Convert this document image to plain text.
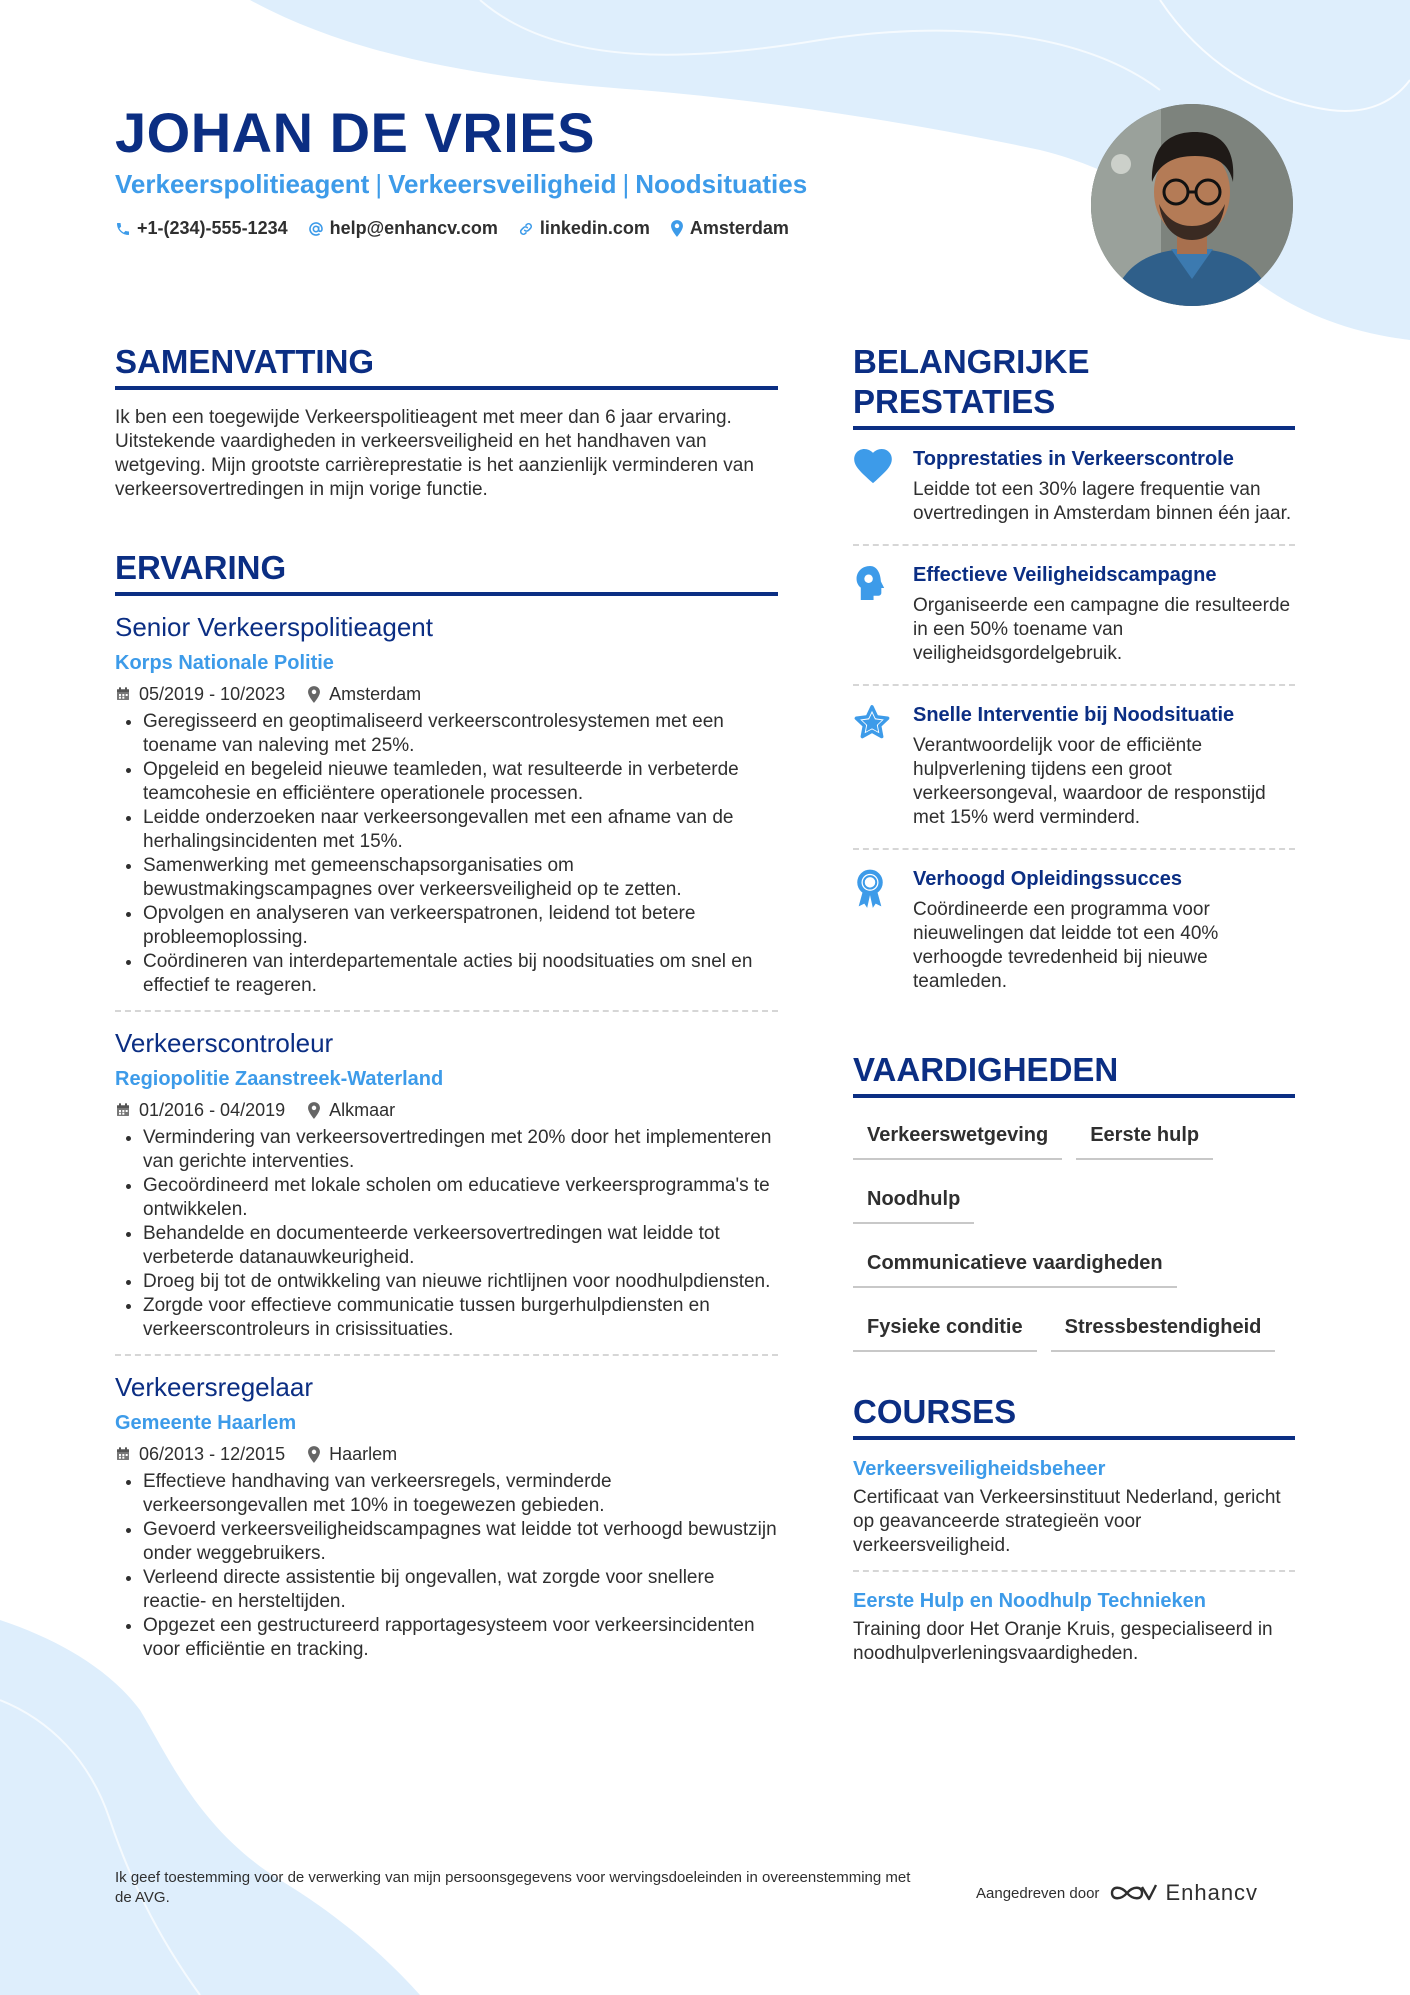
JOHAN DE VRIES

Verkeerspolitieagent | Verkeersveiligheid | Noodsituaties

+1-(234)-555-1234 help@enhancv.com linkedin.com Amsterdam
SAMENVATTING

Ik ben een toegewijde Verkeerspolitieagent met meer dan 6 jaar ervaring. Uitstekende vaardigheden in verkeersveiligheid en het handhaven van wetgeving. Mijn grootste carrièreprestatie is het aanzienlijk verminderen van verkeersovertredingen in mijn vorige functie.

ERVARING

Senior Verkeerspolitieagent

Korps Nationale Politie

05/2019 - 10/2023 Amsterdam
• Geregisseerd en geoptimaliseerd verkeerscontrolesystemen met een toename van naleving met 25%.
• Opgeleid en begeleid nieuwe teamleden, wat resulteerde in verbeterde teamcohesie en efficiëntere operationele processen.
• Leidde onderzoeken naar verkeersongevallen met een afname van de herhalingsincidenten met 15%.
• Samenwerking met gemeenschapsorganisaties om bewustmakingscampagnes over verkeersveiligheid op te zetten.
• Opvolgen en analyseren van verkeerspatronen, leidend tot betere probleemoplossing.
• Coördineren van interdepartementale acties bij noodsituaties om snel en effectief te reageren.

Verkeerscontroleur

Regiopolitie Zaanstreek-Waterland

01/2016 - 04/2019 Alkmaar
• Vermindering van verkeersovertredingen met 20% door het implementeren van gerichte interventies.
• Gecoördineerd met lokale scholen om educatieve verkeersprogramma's te ontwikkelen.
• Behandelde en documenteerde verkeersovertredingen wat leidde tot verbeterde datanauwkeurigheid.
• Droeg bij tot de ontwikkeling van nieuwe richtlijnen voor noodhulpdiensten.
• Zorgde voor effectieve communicatie tussen burgerhulpdiensten en verkeerscontroleurs in crisissituaties.

Verkeersregelaar

Gemeente Haarlem

06/2013 - 12/2015 Haarlem
• Effectieve handhaving van verkeersregels, verminderde verkeersongevallen met 10% in toegewezen gebieden.
• Gevoerd verkeersveiligheidscampagnes wat leidde tot verhoogd bewustzijn onder weggebruikers.
• Verleend directe assistentie bij ongevallen, wat zorgde voor snellere reactie- en hersteltijden.
• Opgezet een gestructureerd rapportagesysteem voor verkeersincidenten voor efficiëntie en tracking.
BELANGRIJKE PRESTATIES

Topprestaties in Verkeerscontrole

Leidde tot een 30% lagere frequentie van overtredingen in Amsterdam binnen één jaar.

Effectieve Veiligheidscampagne

Organiseerde een campagne die resulteerde in een 50% toename van veiligheidsgordelgebruik.

Snelle Interventie bij Noodsituatie

Verantwoordelijk voor de efficiënte hulpverlening tijdens een groot verkeersongeval, waardoor de responstijd met 15% werd verminderd.

Verhoogd Opleidingssucces

Coördineerde een programma voor nieuwelingen dat leidde tot een 40% verhoogde tevredenheid bij nieuwe teamleden.

VAARDIGHEDEN
Verkeerswetgeving	Eerste hulp
Noodhulp
Communicatieve vaardigheden
Fysieke conditie	Stressbestendigheid
COURSES

Verkeersveiligheidsbeheer

Certificaat van Verkeersinstituut Nederland, gericht op geavanceerde strategieën voor verkeersveiligheid.

Eerste Hulp en Noodhulp Technieken

Training door Het Oranje Kruis, gespecialiseerd in noodhulpverleningsvaardigheden.

Ik geef toestemming voor de verwerking van mijn persoonsgegevens voor wervingsdoeleinden in overeenstemming met de AVG.	Aangedreven door	Enhancv
